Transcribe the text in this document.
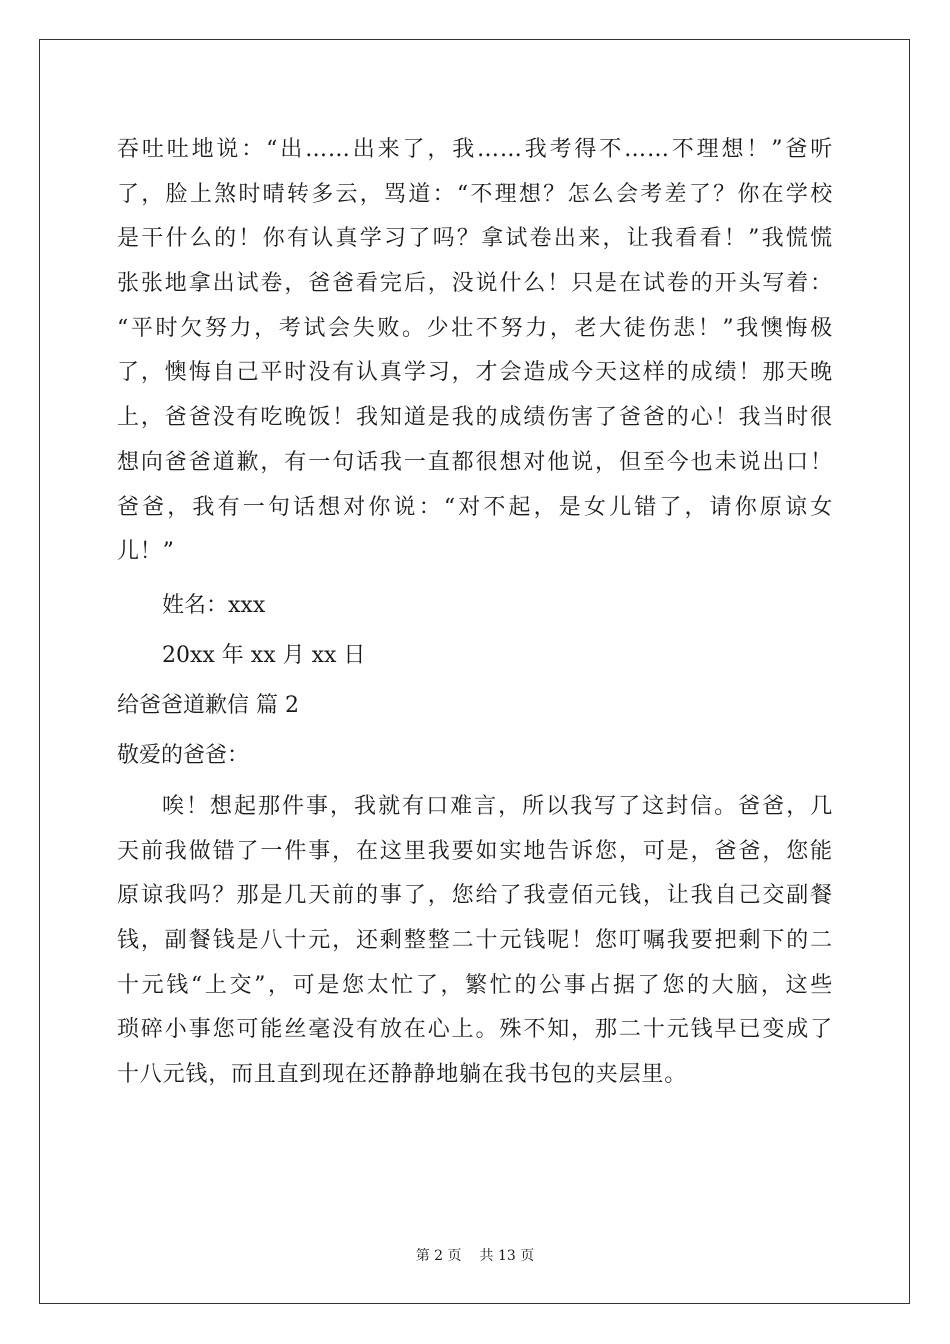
吞吐吐地说：“出……出来了，我……我考得不……不理想！”爸听
了，脸上煞时晴转多云，骂道：“不理想？怎么会考差了？你在学校
是干什么的！你有认真学习了吗？拿试卷出来，让我看看！”我慌慌
张张地拿出试卷，爸爸看完后，没说什么！只是在试卷的开头写着：
“平时欠努力，考试会失败。少壮不努力，老大徒伤悲！”我懊悔极
了，懊悔自己平时没有认真学习，才会造成今天这样的成绩！那天晚
上，爸爸没有吃晚饭！我知道是我的成绩伤害了爸爸的心！我当时很
想向爸爸道歉，有一句话我一直都很想对他说，但至今也未说出口！
爸爸，我有一句话想对你说：“对不起，是女儿错了，请你原谅女
儿！”
姓名：xxx
20xx 年 xx 月 xx 日
给爸爸道歉信 篇 2
敬爱的爸爸：
唉！想起那件事，我就有口难言，所以我写了这封信。爸爸，几
天前我做错了一件事，在这里我要如实地告诉您，可是，爸爸，您能
原谅我吗？那是几天前的事了，您给了我壹佰元钱，让我自己交副餐
钱，副餐钱是八十元，还剩整整二十元钱呢！您叮嘱我要把剩下的二
十元钱“上交”，可是您太忙了，繁忙的公事占据了您的大脑，这些
琐碎小事您可能丝毫没有放在心上。殊不知，那二十元钱早已变成了
十八元钱，而且直到现在还静静地躺在我书包的夹层里。
第 2 页 共 13 页
